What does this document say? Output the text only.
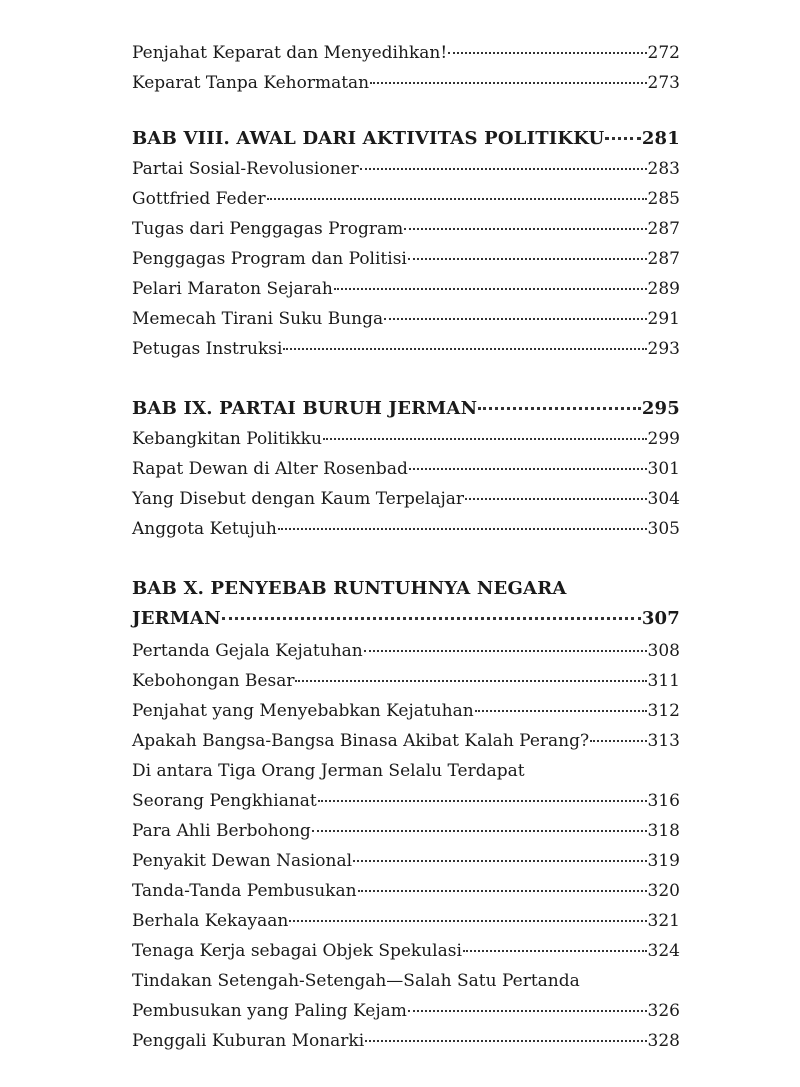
Penjahat Keparat dan Menyedihkan!	272
Keparat Tanpa Kehormatan	273
BAB VIII. AWAL DARI AKTIVITAS POLITIKKU 281
Partai Sosial-Revolusioner	283
Gottfried Feder	285
Tugas dari Penggagas Program	287
Penggagas Program dan Politisi	287
Pelari Maraton Sejarah	289
Memecah Tirani Suku Bunga	291
Petugas Instruksi	293
BAB IX. PARTAI BURUH JERMAN	295
Kebangkitan Politikku	299
Rapat Dewan di Alter Rosenbad	301
Yang Disebut dengan Kaum Terpelajar	304
Anggota Ketujuh	305
BAB X. PENYEBAB RUNTUHNYA NEGARA
JERMAN	307
Pertanda Gejala Kejatuhan	308
Kebohongan Besar	311
Penjahat yang Menyebabkan Kejatuhan	312
Apakah Bangsa-Bangsa Binasa Akibat Kalah Perang?	313
Di antara Tiga Orang Jerman Selalu Terdapat
Seorang Pengkhianat	316
Para Ahli Berbohong	318
Penyakit Dewan Nasional	319
Tanda-Tanda Pembusukan	320
Berhala Kekayaan	321
Tenaga Kerja sebagai Objek Spekulasi	324
Tindakan Setengah-Setengah—Salah Satu Pertanda
Pembusukan yang Paling Kejam	326
Penggali Kuburan Monarki	328
